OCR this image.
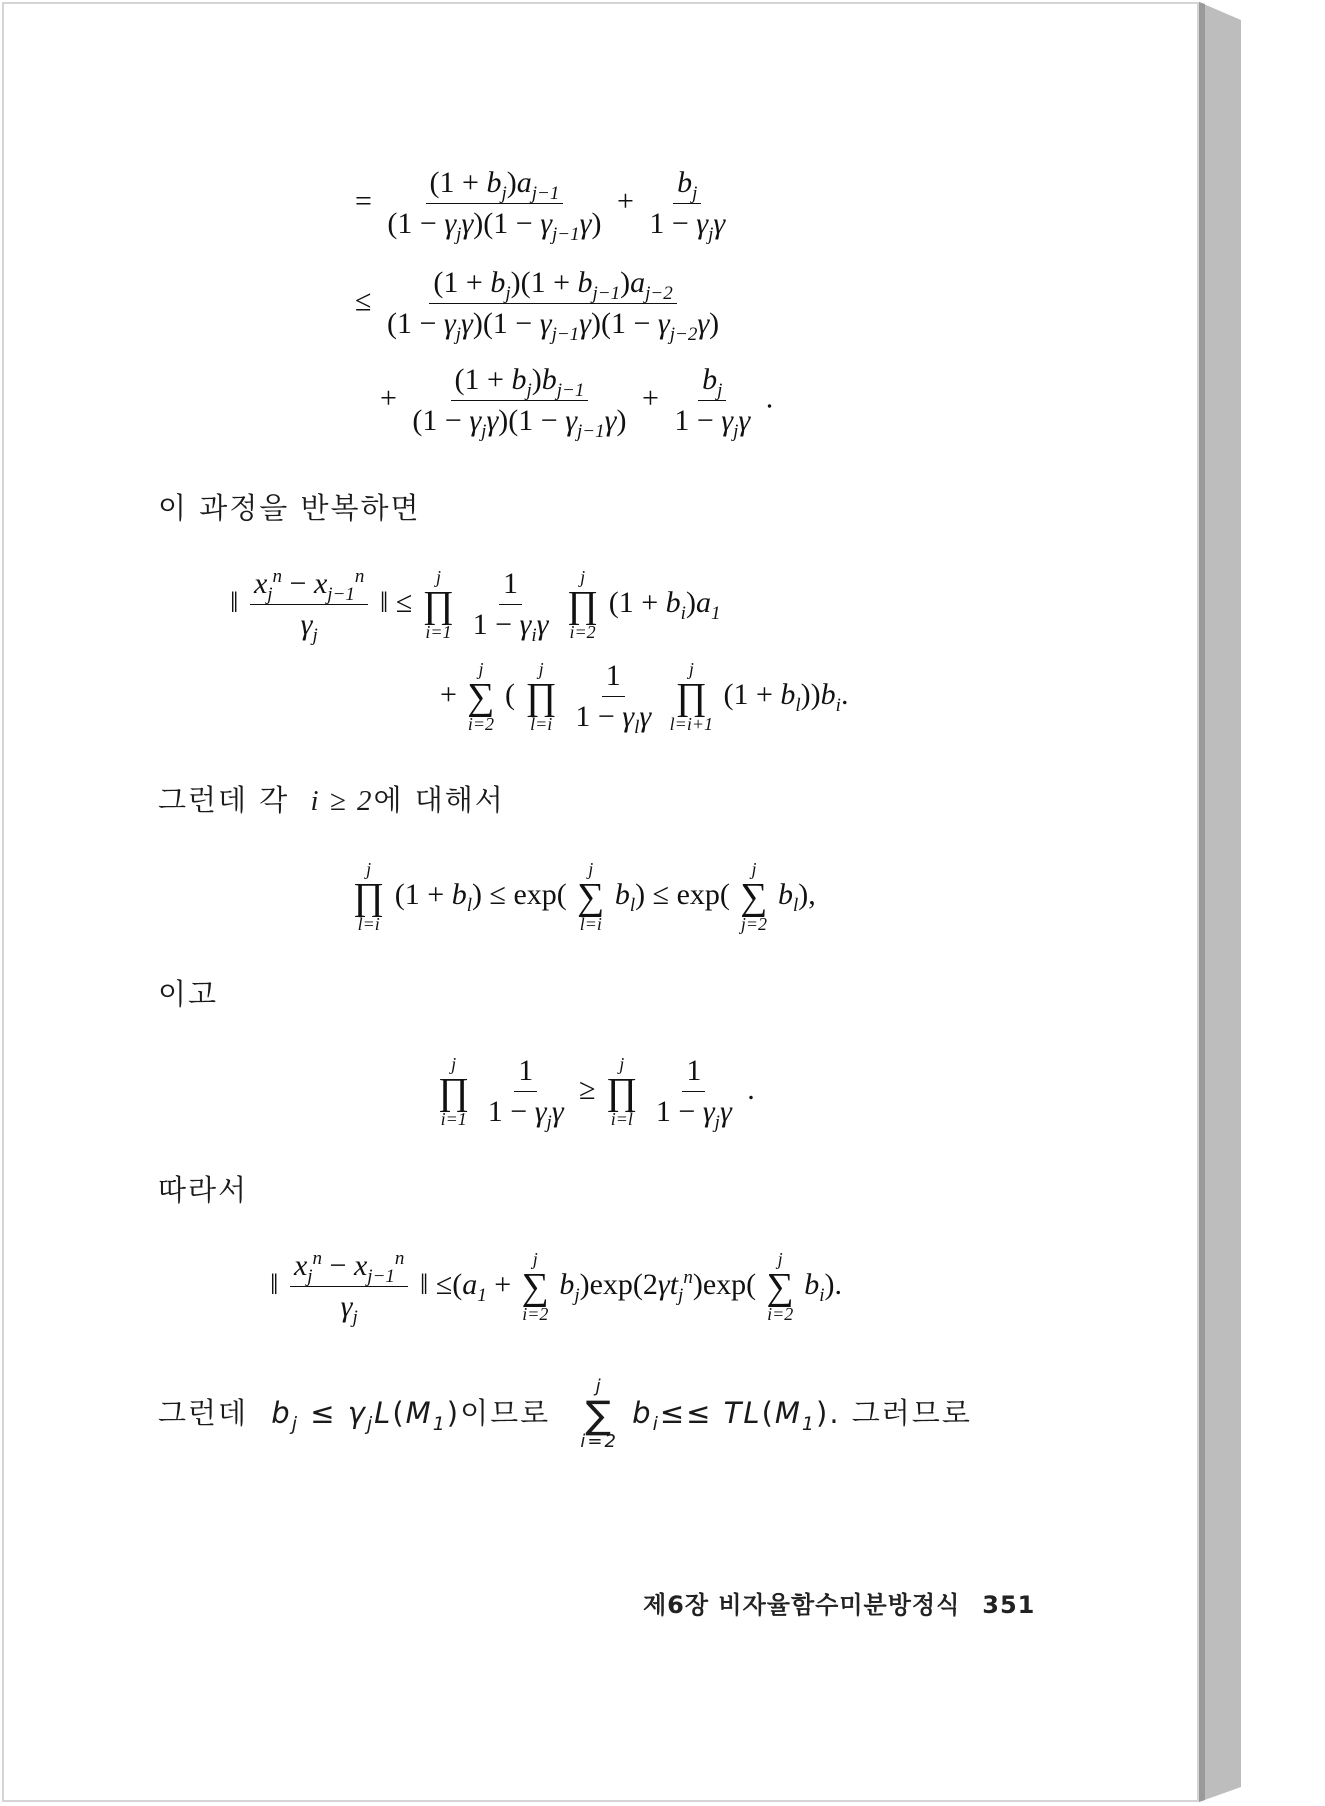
= $\frac{(1 + b_j)a_{j-1}}{(1 - \gamma_j\gamma)(1 - \gamma_{j-1}\gamma)} + \frac{b_j}{1 - \gamma_j\gamma}$
≤ $\frac{(1 + b_j)(1 + b_{j-1})a_{j-2}}{(1 - \gamma_j\gamma)(1 - \gamma_{j-1}\gamma)(1 - \gamma_{j-2}\gamma)}$
+ $\frac{(1 + b_j)b_{j-1}}{(1 - \gamma_j\gamma)(1 - \gamma_{j-1}\gamma)} + \frac{b_j}{1 - \gamma_j\gamma}$ .
이 과정을 반복하면
‖ $\frac{x_j^n - x_{j-1}^n}{\gamma_j}$ ‖ ≤
j
∏
i=1
$\frac{1}{1 - \gamma_i\gamma}$
j
∏
i=2
$(1 + b_i)a_1$
+
j
∑
i=2
(
j
∏
l=i
$\frac{1}{1 - \gamma_l\gamma}$
j
∏
l=i+1
$(1 + b_l))b_i$.
그런데 각 i ≥ 2에 대해서
j
∏
l=i
$(1 + b_l) \le \exp$(
j
∑
l=i
$b_l) \le \exp$(
j
∑
j=2
$b_l$),
이고
j
∏
i=1
$\frac{1}{1 - \gamma_j\gamma}$ ≥
j
∏
i=l
$\frac{1}{1 - \gamma_j\gamma}$ .
따라서
‖ $\frac{x_j^n - x_{j-1}^n}{\gamma_j}$ ‖ $\le(a_1$ +
j
∑
i=2
$b_j)\exp(2\gamma t_j^n)\exp$(
j
∑
i=2
$b_i$).
그런데 $b_j \le \gamma_jL(M_1)$이므로
j
∑
i=2
$b_i\le\le TL(M_1)$. 그러므로
제6장 비자율함수미분방정식 351
